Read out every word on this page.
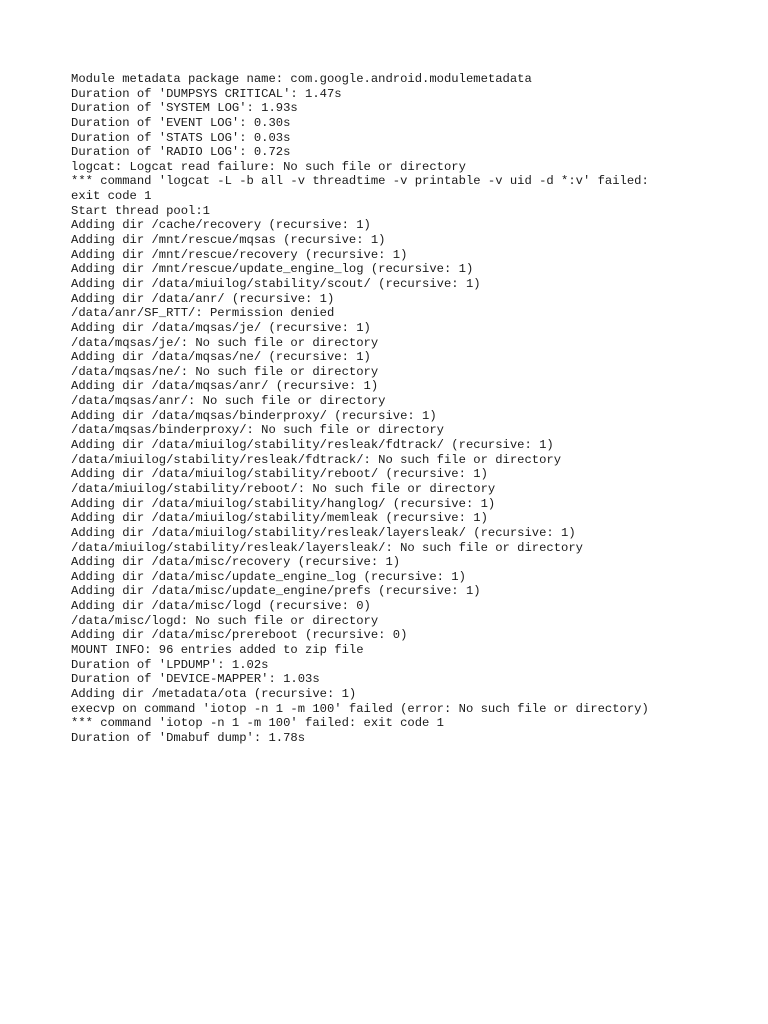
Module metadata package name: com.google.android.modulemetadata
Duration of 'DUMPSYS CRITICAL': 1.47s
Duration of 'SYSTEM LOG': 1.93s
Duration of 'EVENT LOG': 0.30s
Duration of 'STATS LOG': 0.03s
Duration of 'RADIO LOG': 0.72s
logcat: Logcat read failure: No such file or directory
*** command 'logcat -L -b all -v threadtime -v printable -v uid -d *:v' failed:
exit code 1
Start thread pool:1
Adding dir /cache/recovery (recursive: 1)
Adding dir /mnt/rescue/mqsas (recursive: 1)
Adding dir /mnt/rescue/recovery (recursive: 1)
Adding dir /mnt/rescue/update_engine_log (recursive: 1)
Adding dir /data/miuilog/stability/scout/ (recursive: 1)
Adding dir /data/anr/ (recursive: 1)
/data/anr/SF_RTT/: Permission denied
Adding dir /data/mqsas/je/ (recursive: 1)
/data/mqsas/je/: No such file or directory
Adding dir /data/mqsas/ne/ (recursive: 1)
/data/mqsas/ne/: No such file or directory
Adding dir /data/mqsas/anr/ (recursive: 1)
/data/mqsas/anr/: No such file or directory
Adding dir /data/mqsas/binderproxy/ (recursive: 1)
/data/mqsas/binderproxy/: No such file or directory
Adding dir /data/miuilog/stability/resleak/fdtrack/ (recursive: 1)
/data/miuilog/stability/resleak/fdtrack/: No such file or directory
Adding dir /data/miuilog/stability/reboot/ (recursive: 1)
/data/miuilog/stability/reboot/: No such file or directory
Adding dir /data/miuilog/stability/hanglog/ (recursive: 1)
Adding dir /data/miuilog/stability/memleak (recursive: 1)
Adding dir /data/miuilog/stability/resleak/layersleak/ (recursive: 1)
/data/miuilog/stability/resleak/layersleak/: No such file or directory
Adding dir /data/misc/recovery (recursive: 1)
Adding dir /data/misc/update_engine_log (recursive: 1)
Adding dir /data/misc/update_engine/prefs (recursive: 1)
Adding dir /data/misc/logd (recursive: 0)
/data/misc/logd: No such file or directory
Adding dir /data/misc/prereboot (recursive: 0)
MOUNT INFO: 96 entries added to zip file
Duration of 'LPDUMP': 1.02s
Duration of 'DEVICE-MAPPER': 1.03s
Adding dir /metadata/ota (recursive: 1)
execvp on command 'iotop -n 1 -m 100' failed (error: No such file or directory)
*** command 'iotop -n 1 -m 100' failed: exit code 1
Duration of 'Dmabuf dump': 1.78s
